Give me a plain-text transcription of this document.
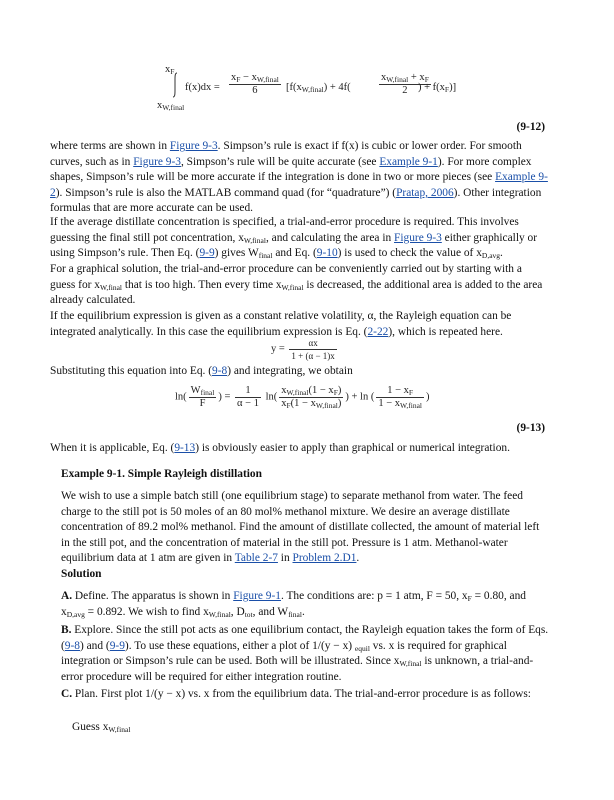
$x_F$
$x_{W,final}$
$f(x)dx = \frac{x_F - x_{W,final}}{6} [f(x_{W,final}) + 4f$(	$\frac{x_{W,final} + x_F}{2}$
) + $f(x_F)$]
(9-12)

where terms are shown in Figure 9-3. Simpson’s rule is exact if f(x) is cubic or lower order. For smooth curves, such as in Figure 9-3, Simpson’s rule will be quite accurate (see Example 9-1). For more complex shapes, Simpson’s rule will be more accurate if the integration is done in two or more pieces (see Example 9-2). Simpson’s rule is also the MATLAB command quad (for “quadrature”) (Pratap, 2006). Other integration formulas that are more accurate can be used.

If the average distillate concentration is specified, a trial-and-error procedure is required. This involves guessing the final still pot concentration, $x_{W,final}$, and calculating the area in Figure 9-3 either graphically or using Simpson’s rule. Then Eq. (9-9) gives $W_{final}$ and Eq. (9-10) is used to check the value of $x_{D,avg}$.

For a graphical solution, the trial-and-error procedure can be conveniently carried out by starting with a guess for $x_{W,final}$ that is too high. Then every time $x_{W,final}$ is decreased, the additional area is added to the area already calculated.

If the equilibrium expression is given as a constant relative volatility, α, the Rayleigh equation can be integrated analytically. In this case the equilibrium expression is Eq. (2-22), which is repeated here.

$y = \frac{\alpha x}{1 + (\alpha - 1)x}$

Substituting this equation into Eq. (9-8) and integrating, we obtain

$\ln( \frac{W_{final}}{F}$ ) = $\frac{1}{\alpha - 1} \ln( \frac{x_{W,final}(1 - x_F)}{x_F(1 - x_{W,final})}$ ) + ln ( $\frac{1 - x_F}{1 - x_{W,final}}$ )
(9-13)

When it is applicable, Eq. (9-13) is obviously easier to apply than graphical or numerical integration.

Example 9-1. Simple Rayleigh distillation

We wish to use a simple batch still (one equilibrium stage) to separate methanol from water. The feed charge to the still pot is 50 moles of an 80 mol% methanol mixture. We desire an average distillate concentration of 89.2 mol% methanol. Find the amount of distillate collected, the amount of material left in the still pot, and the concentration of material in the still pot. Pressure is 1 atm. Methanol-water equilibrium data at 1 atm are given in Table 2-7 in Problem 2.D1.

Solution

A. Define. The apparatus is shown in Figure 9-1. The conditions are: p = 1 atm, F = 50, $x_F = 0.80$, and $x_{D,avg} = 0.892$. We wish to find $x_{W,final}$, $D_{tot}$, and $W_{final}$.

B. Explore. Since the still pot acts as one equilibrium contact, the Rayleigh equation takes the form of Eqs. (9-8) and (9-9). To use these equations, either a plot of 1/(y − x) $_{equil}$ vs. x is required for graphical integration or Simpson’s rule can be used. Both will be illustrated. Since $x_{W,final}$ is unknown, a trial-and-error procedure will be required for either integration routine.

C. Plan. First plot 1/(y − x) vs. x from the equilibrium data. The trial-and-error procedure is as follows:

Guess $x_{W,final}$
